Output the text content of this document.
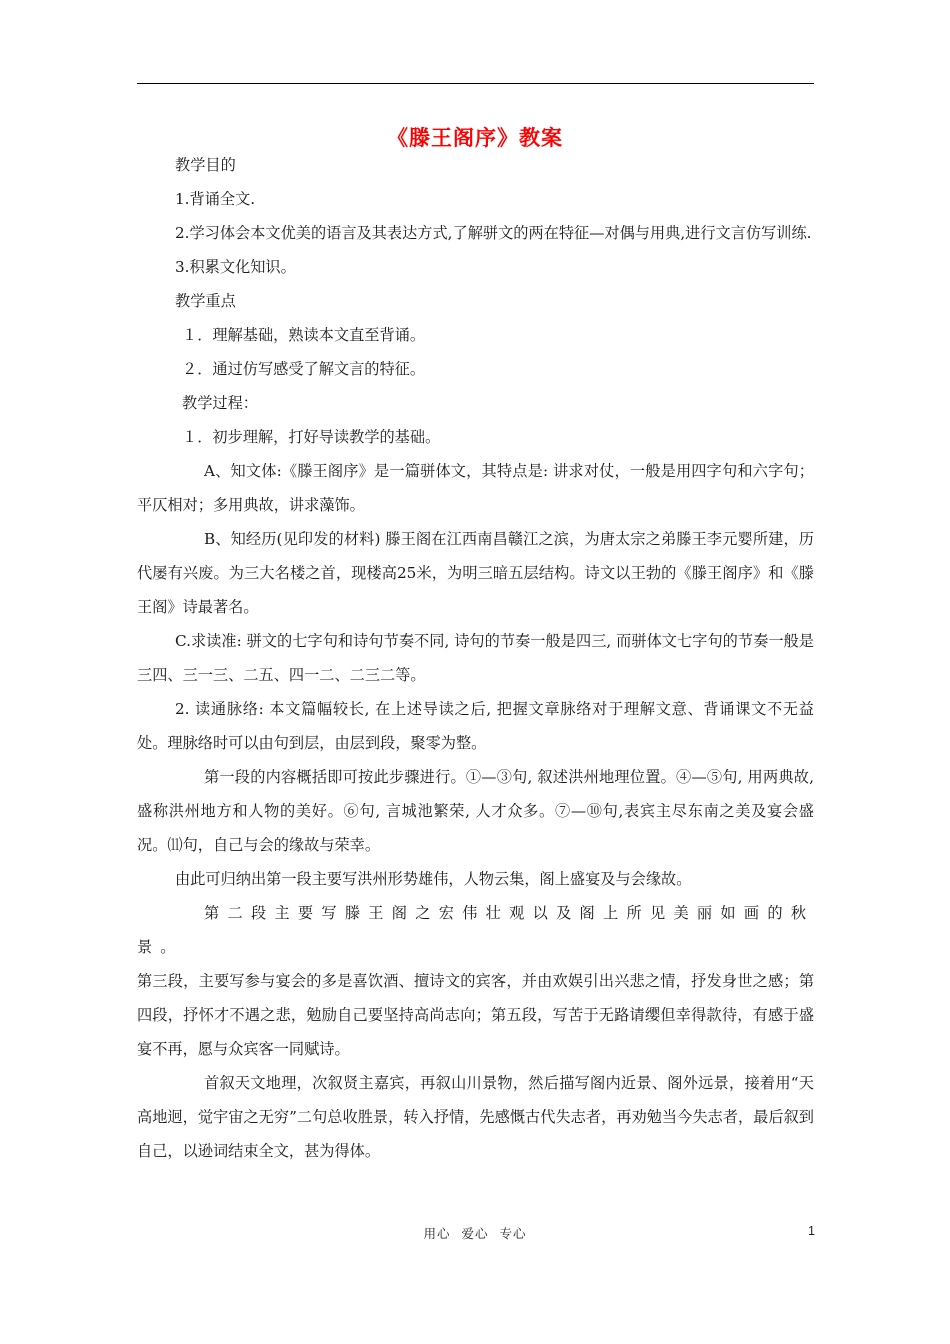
《滕王阁序》教案

教学目的

1.背诵全文.

2.学习体会本文优美的语言及其表达方式,了解骈文的两在特征—对偶与用典,进行文言仿写训练.

3.积累文化知识。

教学重点

１．理解基础，熟读本文直至背诵。

２．通过仿写感受了解文言的特征。

教学过程：

１．初步理解，打好导读教学的基础。

A、知文体:《滕王阁序》是一篇骈体文，其特点是: 讲求对仗，一般是用四字句和六字句；平仄相对；多用典故，讲求藻饰。

B、知经历(见印发的材料) 滕王阁在江西南昌赣江之滨，为唐太宗之弟滕王李元婴所建，历代屡有兴废。为三大名楼之首，现楼高25米，为明三暗五层结构。诗文以王勃的《滕王阁序》和《滕王阁》诗最著名。

C.求读准: 骈文的七字句和诗句节奏不同, 诗句的节奏一般是四三, 而骈体文七字句的节奏一般是三四、三一三、二五、四一二、二三二等。

2. 读通脉络: 本文篇幅较长, 在上述导读之后, 把握文章脉络对于理解文意、背诵课文不无益处。理脉络时可以由句到层，由层到段，聚零为整。

第一段的内容概括即可按此步骤进行。①—③句, 叙述洪州地理位置。④—⑤句, 用两典故, 盛称洪州地方和人物的美好。⑥句, 言城池繁荣, 人才众多。⑦—⑩句,表宾主尽东南之美及宴会盛况。⑾句，自己与会的缘故与荣幸。

由此可归纳出第一段主要写洪州形势雄伟，人物云集，阁上盛宴及与会缘故。

第二段主要写滕王阁之宏伟壮观以及阁上所见美丽如画的秋景。

第三段，主要写参与宴会的多是喜饮酒、擅诗文的宾客，并由欢娱引出兴悲之情，抒发身世之感；第四段，抒怀才不遇之悲，勉励自己要坚持高尚志向；第五段，写苦于无路请缨但幸得款待，有感于盛宴不再，愿与众宾客一同赋诗。

首叙天文地理，次叙贤主嘉宾，再叙山川景物，然后描写阁内近景、阁外远景，接着用“天高地迥，觉宇宙之无穷”二句总收胜景，转入抒情，先感慨古代失志者，再劝勉当今失志者，最后叙到自己，以逊词结束全文，甚为得体。

用心 爱心 专心	1
